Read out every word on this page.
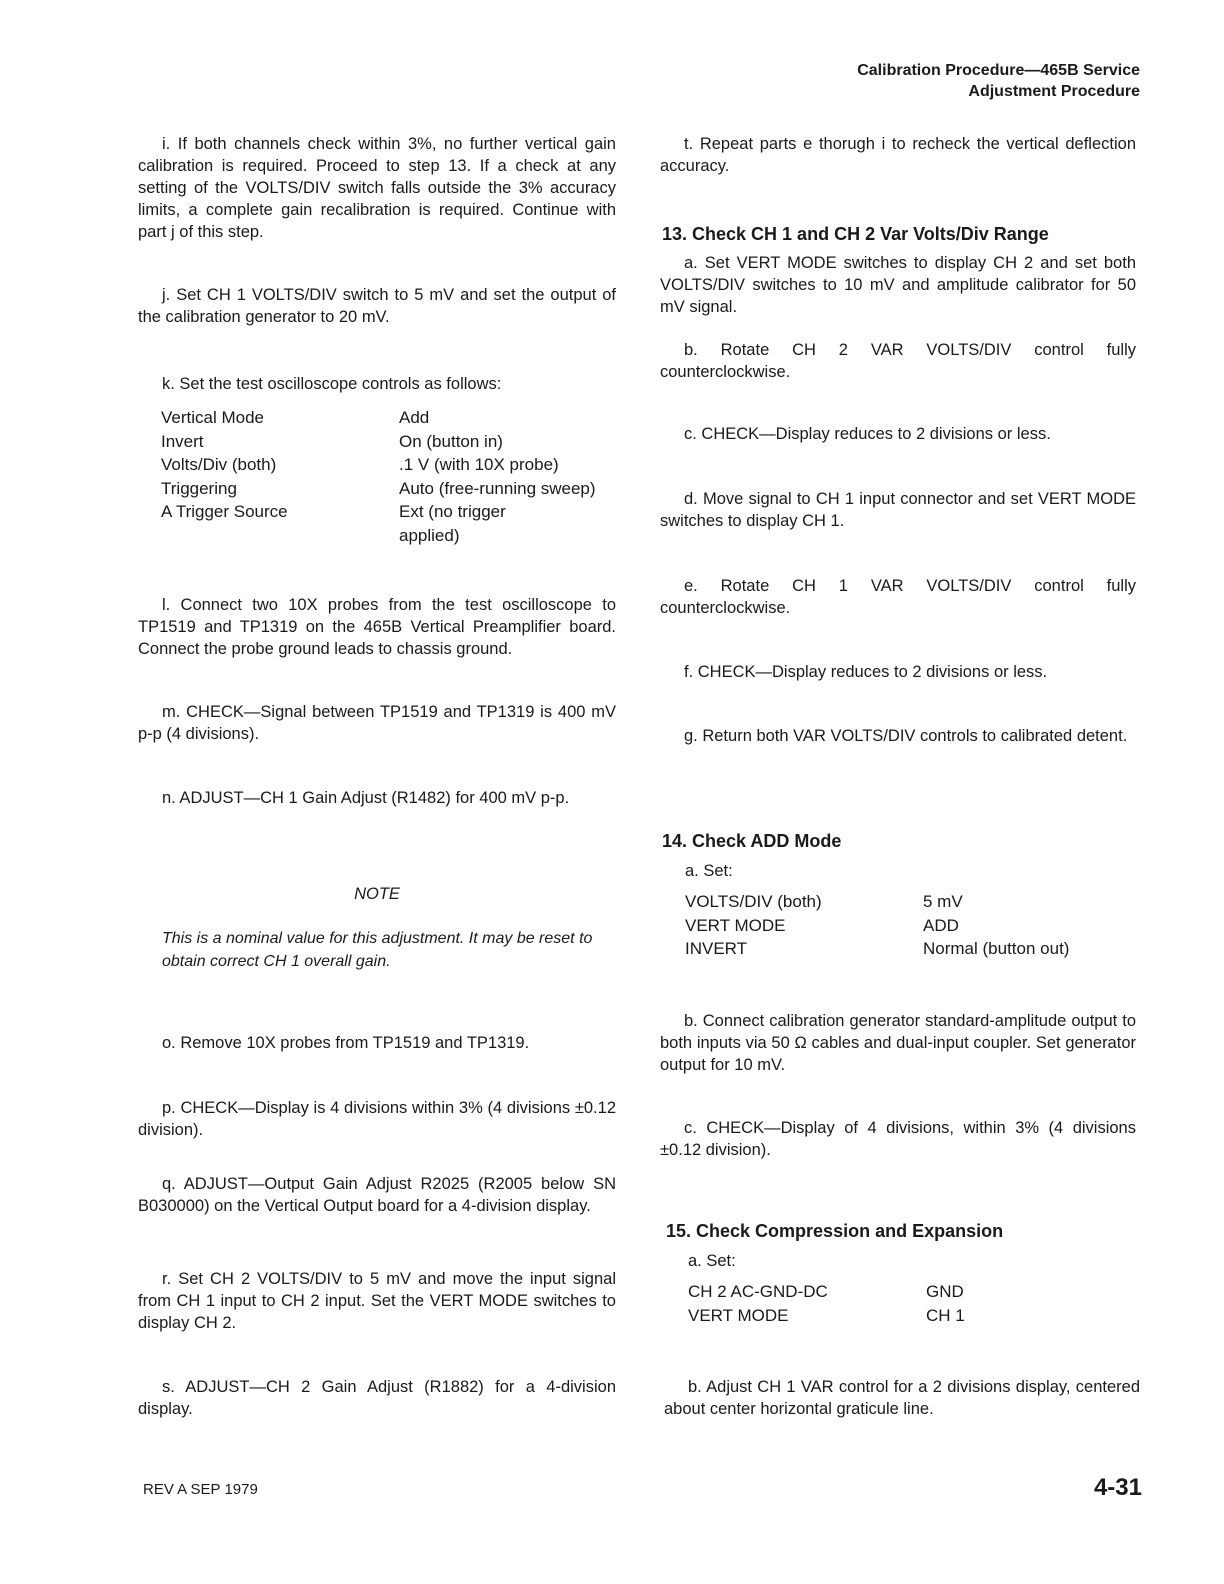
Calibration Procedure—465B Service
Adjustment Procedure
i. If both channels check within 3%, no further vertical gain calibration is required. Proceed to step 13. If a check at any setting of the VOLTS/DIV switch falls outside the 3% accuracy limits, a complete gain recalibration is required. Continue with part j of this step.
j. Set CH 1 VOLTS/DIV switch to 5 mV and set the output of the calibration generator to 20 mV.
k. Set the test oscilloscope controls as follows:
Vertical Mode	Add
Invert	On (button in)
Volts/Div (both)	.1 V (with 10X probe)
Triggering	Auto (free-running sweep)
A Trigger Source	Ext (no trigger applied)
l. Connect two 10X probes from the test oscilloscope to TP1519 and TP1319 on the 465B Vertical Preamplifier board. Connect the probe ground leads to chassis ground.
m. CHECK—Signal between TP1519 and TP1319 is 400 mV p-p (4 divisions).
n. ADJUST—CH 1 Gain Adjust (R1482) for 400 mV p-p.
NOTE
This is a nominal value for this adjustment. It may be reset to obtain correct CH 1 overall gain.
o. Remove 10X probes from TP1519 and TP1319.
p. CHECK—Display is 4 divisions within 3% (4 divisions ±0.12 division).
q. ADJUST—Output Gain Adjust R2025 (R2005 below SN B030000) on the Vertical Output board for a 4-division display.
r. Set CH 2 VOLTS/DIV to 5 mV and move the input signal from CH 1 input to CH 2 input. Set the VERT MODE switches to display CH 2.
s. ADJUST—CH 2 Gain Adjust (R1882) for a 4-division display.
t. Repeat parts e thorugh i to recheck the vertical deflection accuracy.
13. Check CH 1 and CH 2 Var Volts/Div Range
a. Set VERT MODE switches to display CH 2 and set both VOLTS/DIV switches to 10 mV and amplitude calibrator for 50 mV signal.
b. Rotate CH 2 VAR VOLTS/DIV control fully counterclockwise.
c. CHECK—Display reduces to 2 divisions or less.
d. Move signal to CH 1 input connector and set VERT MODE switches to display CH 1.
e. Rotate CH 1 VAR VOLTS/DIV control fully counterclockwise.
f. CHECK—Display reduces to 2 divisions or less.
g. Return both VAR VOLTS/DIV controls to calibrated detent.
14. Check ADD Mode
a. Set:
VOLTS/DIV (both)	5 mV
VERT MODE	ADD
INVERT	Normal (button out)
b. Connect calibration generator standard-amplitude output to both inputs via 50 Ω cables and dual-input coupler. Set generator output for 10 mV.
c. CHECK—Display of 4 divisions, within 3% (4 divisions ±0.12 division).
15. Check Compression and Expansion
a. Set:
CH 2 AC-GND-DC	GND
VERT MODE	CH 1
b. Adjust CH 1 VAR control for a 2 divisions display, centered about center horizontal graticule line.
REV A SEP 1979	4-31
